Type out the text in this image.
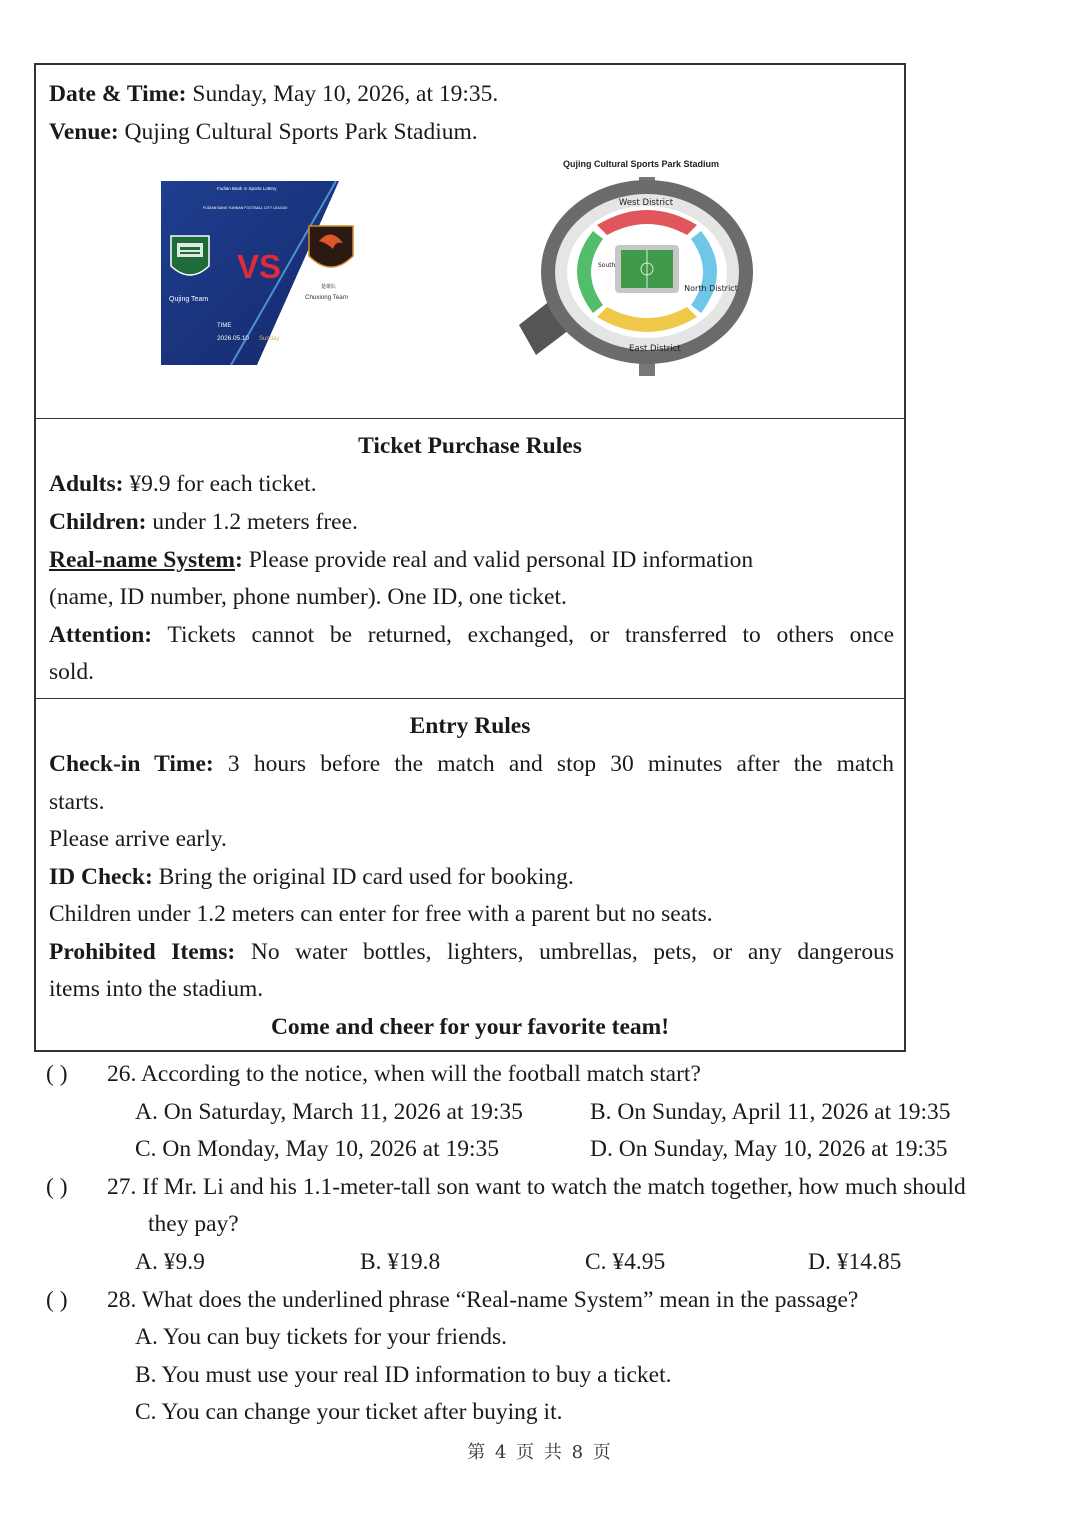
Date & Time: Sunday, May 10, 2026, at 19:35.
Venue: Qujing Cultural Sports Park Stadium.
Fudian Bank ⊙ Sports Lottery
FUDIAN BANK YUNNAN FOOTBALL CITY LEAGUE
VS
Qujing Team
楚雄队
Chuxiong Team
TIME
2026.05.10 Sunday
Qujing Cultural Sports Park Stadium
West District
South
North District
East District
Ticket Purchase Rules
Adults: ¥9.9 for each ticket.
Children: under 1.2 meters free.
Real-name System: Please provide real and valid personal ID information
(name, ID number, phone number). One ID, one ticket.
Attention: Tickets cannot be returned, exchanged, or transferred to others once
sold.
Entry Rules
Check-in Time: 3 hours before the match and stop 30 minutes after the match
starts.
Please arrive early.
ID Check: Bring the original ID card used for booking.
Children under 1.2 meters can enter for free with a parent but no seats.
Prohibited Items: No water bottles, lighters, umbrellas, pets, or any dangerous
items into the stadium.
Come and cheer for your favorite team!
( ) 26. According to the notice, when will the football match start?
A. On Saturday, March 11, 2026 at 19:35	B. On Sunday, April 11, 2026 at 19:35
C. On Monday, May 10, 2026 at 19:35	D. On Sunday, May 10, 2026 at 19:35
( ) 27. If Mr. Li and his 1.1-meter-tall son want to watch the match together, how much should
they pay?
A. ¥9.9	B. ¥19.8	C. ¥4.95	D. ¥14.85
( ) 28. What does the underlined phrase “Real-name System” mean in the passage?
A. You can buy tickets for your friends.
B. You must use your real ID information to buy a ticket.
C. You can change your ticket after buying it.
第 4 页 共 8 页
